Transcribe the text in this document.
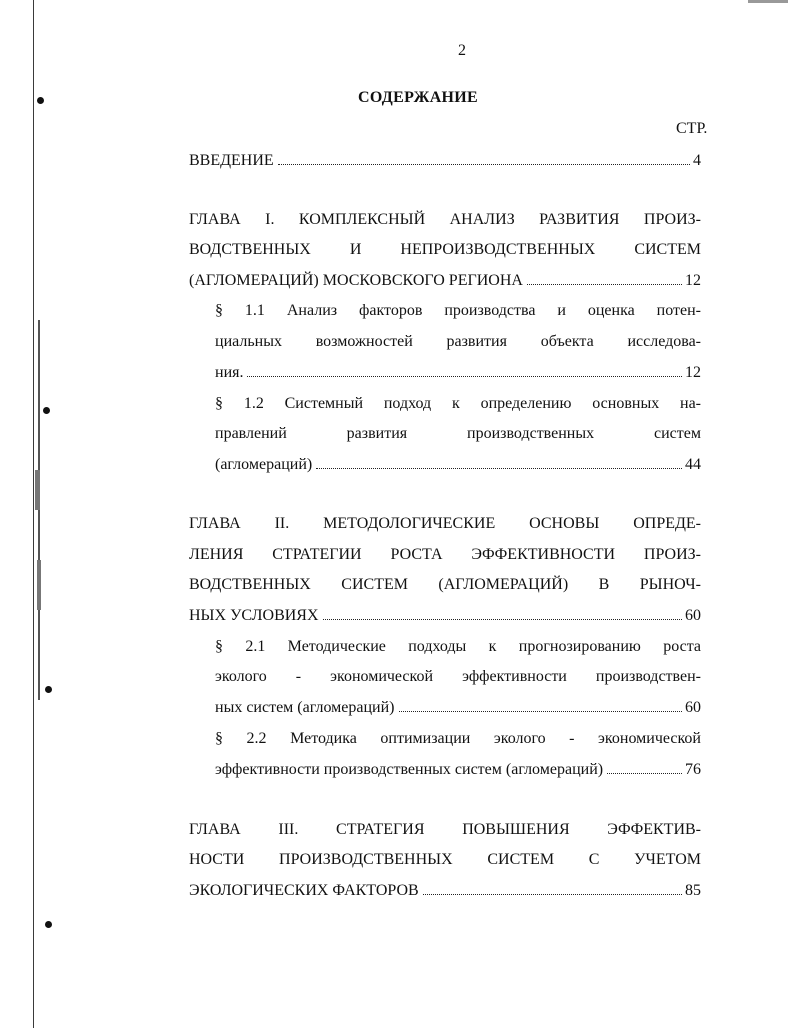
2
СОДЕРЖАНИЕ
СТР.
ВВЕДЕНИЕ	4
ГЛАВА I. КОМПЛЕКСНЫЙ АНАЛИЗ РАЗВИТИЯ ПРОИЗ-
ВОДСТВЕННЫХ И НЕПРОИЗВОДСТВЕННЫХ СИСТЕМ
(АГЛОМЕРАЦИЙ) МОСКОВСКОГО РЕГИОНА	12
§ 1.1 Анализ факторов производства и оценка потен-
циальных возможностей развития объекта исследова-
ния.	12
§ 1.2 Системный подход к определению основных на-
правлений развития производственных систем
(агломераций)	44
ГЛАВА II. МЕТОДОЛОГИЧЕСКИЕ ОСНОВЫ ОПРЕДЕ-
ЛЕНИЯ СТРАТЕГИИ РОСТА ЭФФЕКТИВНОСТИ ПРОИЗ-
ВОДСТВЕННЫХ СИСТЕМ (АГЛОМЕРАЦИЙ) В РЫНОЧ-
НЫХ УСЛОВИЯХ	60
§ 2.1 Методические подходы к прогнозированию роста
эколого - экономической эффективности производствен-
ных систем (агломераций)	60
§ 2.2 Методика оптимизации эколого - экономической
эффективности производственных систем (агломераций)	76
ГЛАВА III. СТРАТЕГИЯ ПОВЫШЕНИЯ ЭФФЕКТИВ-
НОСТИ ПРОИЗВОДСТВЕННЫХ СИСТЕМ С УЧЕТОМ
ЭКОЛОГИЧЕСКИХ ФАКТОРОВ	85
